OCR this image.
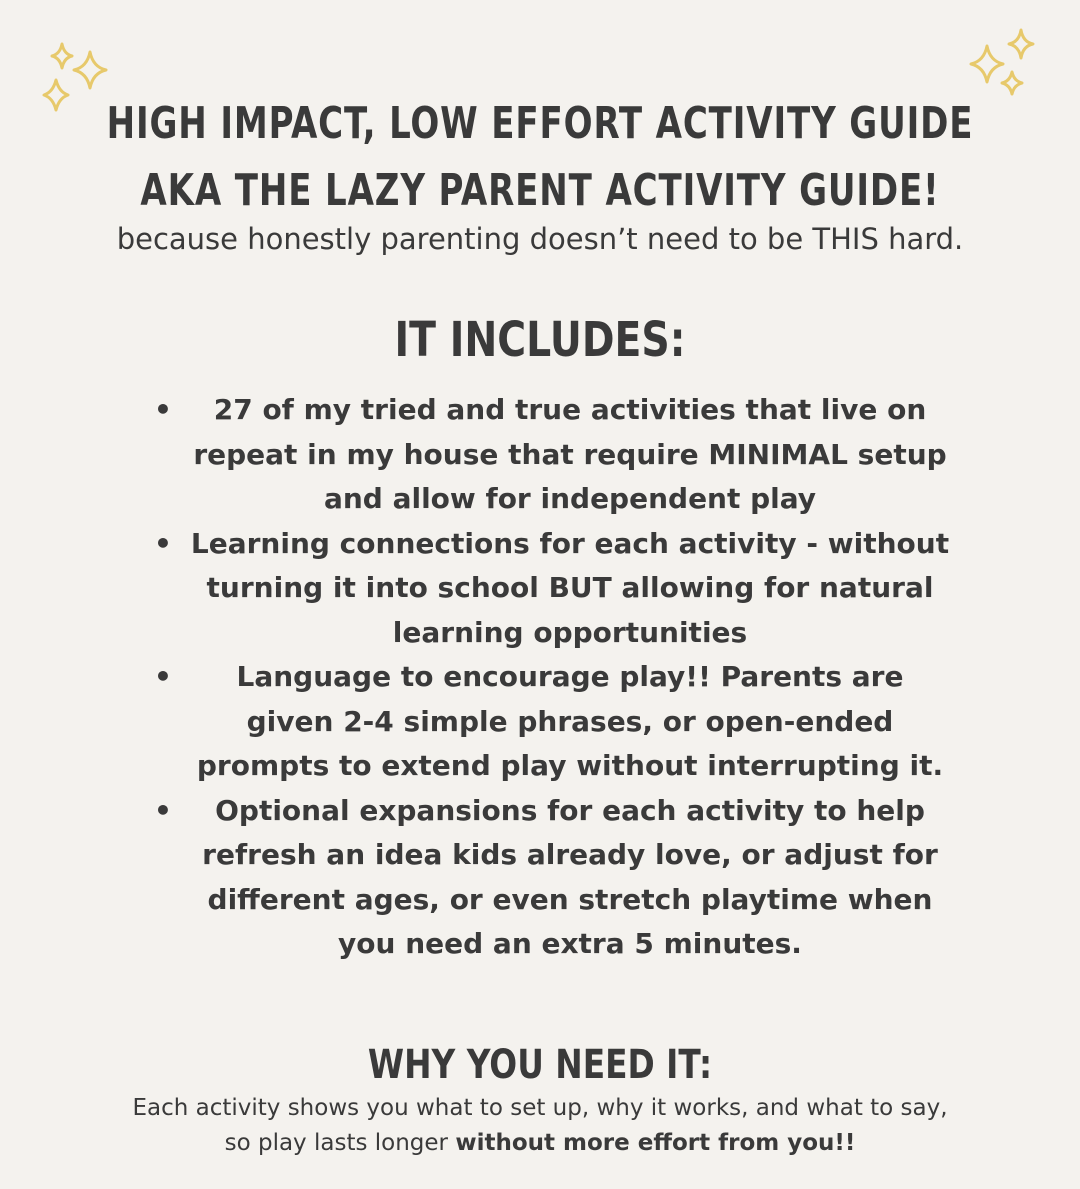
HIGH IMPACT, LOW EFFORT ACTIVITY GUIDE
AKA THE LAZY PARENT ACTIVITY GUIDE!
because honestly parenting doesn’t need to be THIS hard.
IT INCLUDES:
• 27 of my tried and true activities that live on repeat in my house that require MINIMAL setup and allow for independent play
• Learning connections for each activity - without turning it into school BUT allowing for natural learning opportunities
• Language to encourage play!! Parents are given 2-4 simple phrases, or open-ended prompts to extend play without interrupting it.
• Optional expansions for each activity to help refresh an idea kids already love, or adjust for different ages, or even stretch playtime when you need an extra 5 minutes.
WHY YOU NEED IT:
Each activity shows you what to set up, why it works, and what to say,
so play lasts longer without more effort from you!!
